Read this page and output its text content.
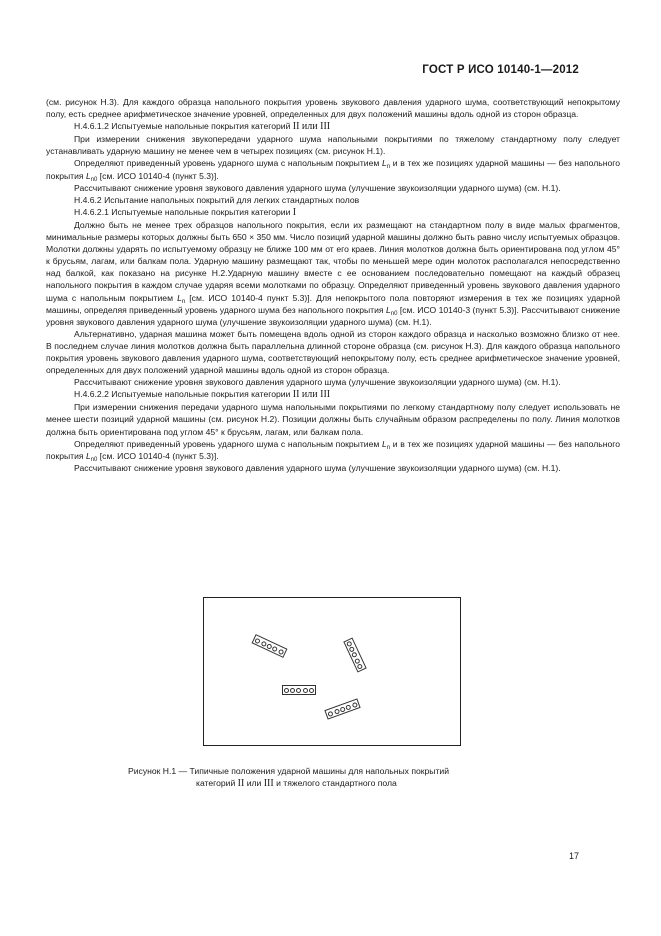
ГОСТ Р ИСО 10140-1—2012

(см. рисунок Н.3). Для каждого образца напольного покрытия уровень звукового давления ударного шума, соответствующий непокрытому полу, есть среднее арифметическое значение уровней, определенных для двух положений машины вдоль одной из сторон образца.

Н.4.6.1.2 Испытуемые напольные покрытия категорий II или III

При измерении снижения звукопередачи ударного шума напольными покрытиями по тяжелому стандартному полу следует устанавливать ударную машину не менее чем в четырех позициях (см. рисунок Н.1).

Определяют приведенный уровень ударного шума с напольным покрытием $L_n$ и в тех же позициях ударной машины — без напольного покрытия $L_{n0}$ [см. ИСО 10140-4 (пункт 5.3)].

Рассчитывают снижение уровня звукового давления ударного шума (улучшение звукоизоляции ударного шума) (см. Н.1).

Н.4.6.2 Испытание напольных покрытий для легких стандартных полов

Н.4.6.2.1 Испытуемые напольные покрытия категории I

Должно быть не менее трех образцов напольного покрытия, если их размещают на стандартном полу в виде малых фрагментов, минимальные размеры которых должны быть 650 × 350 мм. Число позиций ударной машины должно быть равно числу испытуемых образцов. Молотки должны ударять по испытуемому образцу не ближе 100 мм от его краев. Линия молотков должна быть ориентирована под углом 45° к брусьям, лагам, или балкам пола. Ударную машину размещают так, чтобы по меньшей мере один молоток располагался непосредственно над балкой, как показано на рисунке Н.2.Ударную машину вместе с ее основанием последовательно помещают на каждый образец напольного покрытия в каждом случае ударяя всеми молотками по образцу. Определяют приведенный уровень звукового давления ударного шума с напольным покрытием $L_n$ [см. ИСО 10140-4 пункт 5.3)]. Для непокрытого пола повторяют измерения в тех же позициях ударной машины, определяя приведенный уровень ударного шума без напольного покрытия $L_{n0}$ [см. ИСО 10140-3 (пункт 5.3)]. Рассчитывают снижение уровня звукового давления ударного шума (улучшение звукоизоляции ударного шума) (см. Н.1).

Альтернативно, ударная машина может быть помещена вдоль одной из сторон каждого образца и насколько возможно близко от нее. В последнем случае линия молотков должна быть параллельна длинной стороне образца (см. рисунок Н.3). Для каждого образца напольного покрытия уровень звукового давления ударного шума, соответствующий непокрытому полу, есть среднее арифметическое значение уровней, определенных для двух положений ударной машины вдоль одной из сторон образца.

Рассчитывают снижение уровня звукового давления ударного шума (улучшение звукоизоляции ударного шума) (см. Н.1).

Н.4.6.2.2 Испытуемые напольные покрытия категории II или III

При измерении снижения передачи ударного шума напольными покрытиями по легкому стандартному полу следует использовать не менее шести позиций ударной машины (см. рисунок Н.2). Позиции должны быть случайным образом распределены по полу. Линия молотков должна быть ориентирована под углом 45° к брусьям, лагам, или балкам пола.

Определяют приведенный уровень ударного шума с напольным покрытием $L_n$ и в тех же позициях ударной машины — без напольного покрытия $L_{n0}$ [см. ИСО 10140-4 (пункт 5.3)].

Рассчитывают снижение уровня звукового давления ударного шума (улучшение звукоизоляции ударного шума) (см. Н.1).

Рисунок Н.1 — Типичные положения ударной машины для напольных покрытий
категорий II или III и тяжелого стандартного пола
17
